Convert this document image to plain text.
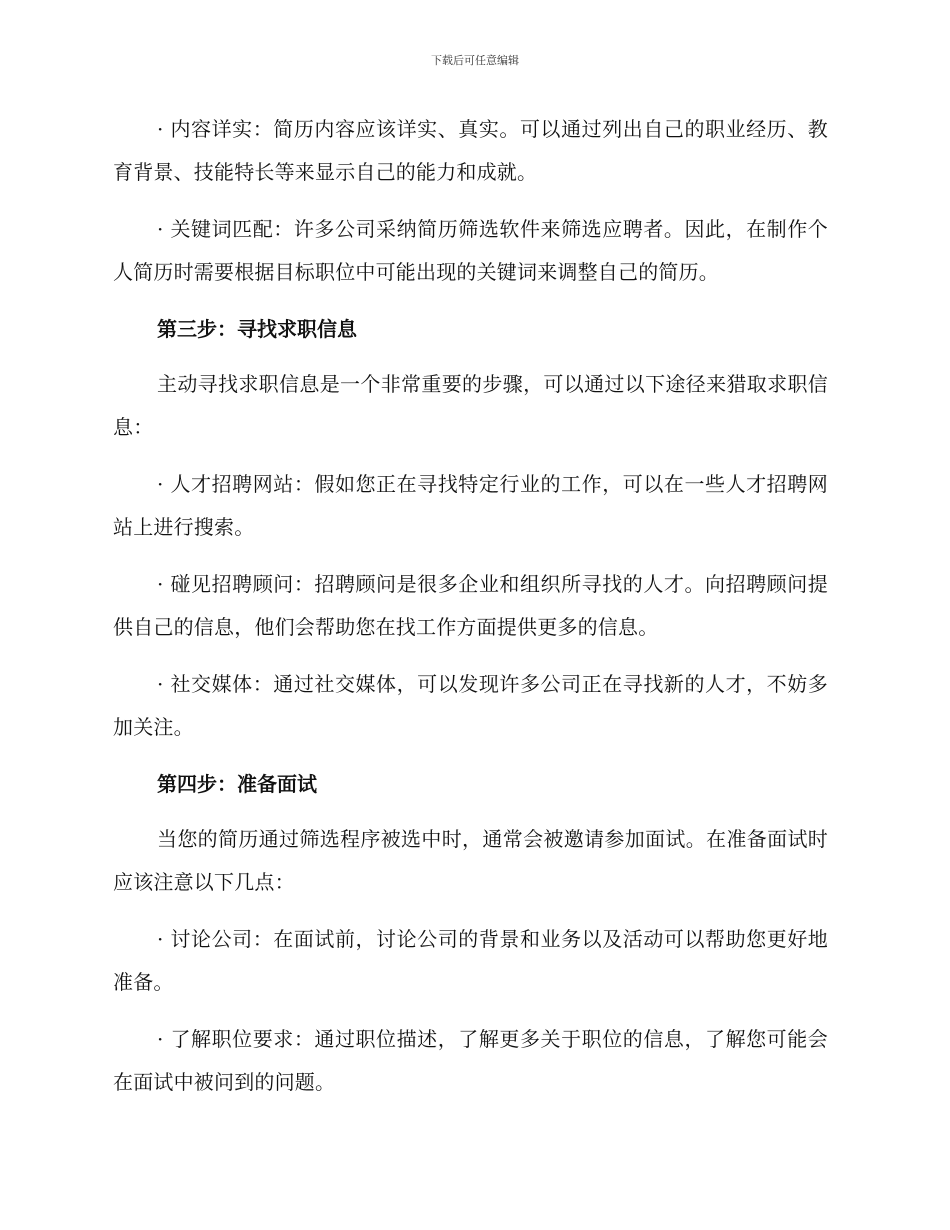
下载后可任意编辑

· 内容详实：简历内容应该详实、真实。可以通过列出自己的职业经历、教育背景、技能特长等来显示自己的能力和成就。

· 关键词匹配：许多公司采纳简历筛选软件来筛选应聘者。因此，在制作个人简历时需要根据目标职位中可能出现的关键词来调整自己的简历。

第三步：寻找求职信息

主动寻找求职信息是一个非常重要的步骤，可以通过以下途径来猎取求职信息：

· 人才招聘网站：假如您正在寻找特定行业的工作，可以在一些人才招聘网站上进行搜索。

· 碰见招聘顾问：招聘顾问是很多企业和组织所寻找的人才。向招聘顾问提供自己的信息，他们会帮助您在找工作方面提供更多的信息。

· 社交媒体：通过社交媒体，可以发现许多公司正在寻找新的人才，不妨多加关注。

第四步：准备面试

当您的简历通过筛选程序被选中时，通常会被邀请参加面试。在准备面试时应该注意以下几点：

· 讨论公司：在面试前，讨论公司的背景和业务以及活动可以帮助您更好地准备。

· 了解职位要求：通过职位描述，了解更多关于职位的信息，了解您可能会在面试中被问到的问题。
